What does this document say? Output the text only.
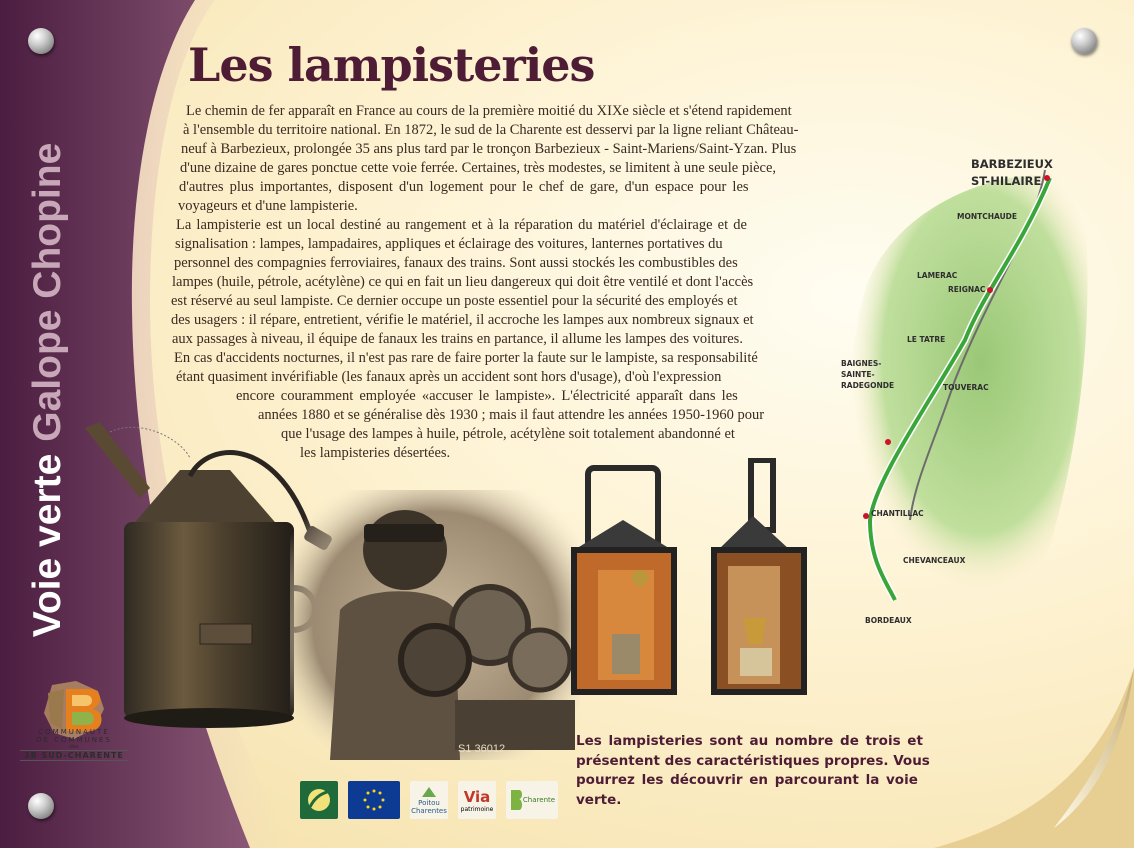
Voie verte
Galope Chopine
COMMUNAUTÉ
DE COMMUNES
des
3B SUD-CHARENTE
Les lampisteries
Le chemin de fer apparaît en France au cours de la première moitié du XIXe siècle et s'étend rapidement
à l'ensemble du territoire national. En 1872, le sud de la Charente est desservi par la ligne reliant Château-
neuf à Barbezieux, prolongée 35 ans plus tard par le tronçon Barbezieux - Saint-Mariens/Saint-Yzan. Plus
d'une dizaine de gares ponctue cette voie ferrée. Certaines, très modestes, se limitent à une seule pièce,
d'autres plus importantes, disposent d'un logement pour le chef de gare, d'un espace pour les
voyageurs et d'une lampisterie.
La lampisterie est un local destiné au rangement et à la réparation du matériel d'éclairage et de
signalisation : lampes, lampadaires, appliques et éclairage des voitures, lanternes portatives du
personnel des compagnies ferroviaires, fanaux des trains. Sont aussi stockés les combustibles des
lampes (huile, pétrole, acétylène) ce qui en fait un lieu dangereux qui doit être ventilé et dont l'accès
est réservé au seul lampiste. Ce dernier occupe un poste essentiel pour la sécurité des employés et
des usagers : il répare, entretient, vérifie le matériel, il accroche les lampes aux nombreux signaux et
aux passages à niveau, il équipe de fanaux les trains en partance, il allume les lampes des voitures.
En cas d'accidents nocturnes, il n'est pas rare de faire porter la faute sur le lampiste, sa responsabilité
étant quasiment invérifiable (les fanaux après un accident sont hors d'usage), d'où l'expression
encore couramment employée «accuser le lampiste». L'électricité apparaît dans les
années 1880 et se généralise dès 1930 ; mais il faut attendre les années 1950-1960 pour
que l'usage des lampes à huile, pétrole, acétylène soit totalement abandonné et
les lampisteries désertées.
S1 36012
BARBEZIEUX
ST-HILAIRE
MONTCHAUDE
LAMERAC
REIGNAC
LE TATRE
BAIGNES-
SAINTE-
RADEGONDE	TOUVERAC
CHANTILLAC
CHEVANCEAUX
BORDEAUX
Les lampisteries sont au nombre de trois et
présentent des caractéristiques propres. Vous
pourrez les découvrir en parcourant la voie
verte.
Poitou Charentes
Via
patrimoine
Charente
